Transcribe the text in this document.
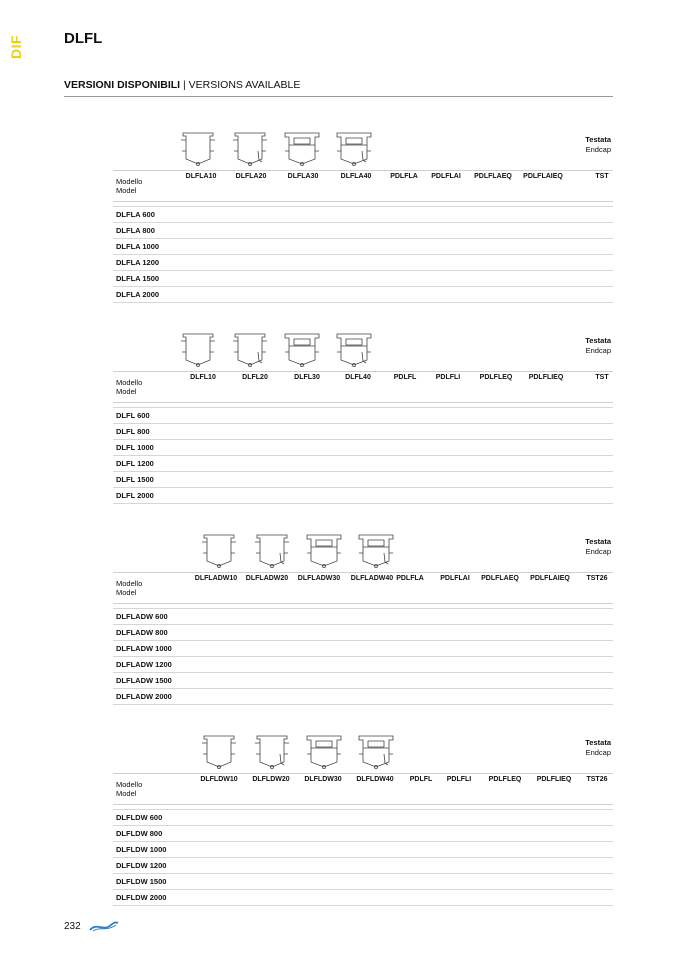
DIF	DLFL
VERSIONI DISPONIBILI | VERSIONS AVAILABLE
Testata
Endcap
Modello
Model
DLFLA10	DLFLA20	DLFLA30	DLFLA40	PDLFLA PDLFLAI PDLFLAEQ PDLFLAIEQ	TST
DLFLA 600
DLFLA 800
DLFLA 1000
DLFLA 1200
DLFLA 1500
DLFLA 2000
Testata
Endcap
Modello
Model
DLFL10	DLFL20	DLFL30	DLFL40	PDLFL	PDLFLI	PDLFLEQ PDLFLIEQ	TST
DLFL 600
DLFL 800
DLFL 1000
DLFL 1200
DLFL 1500
DLFL 2000
Testata
Endcap
Modello
Model
DLFLADW10 DLFLADW20 DLFLADW30 DLFLADW40 PDLFLA PDLFLAI PDLFLAEQ PDLFLAIEQ TST26
DLFLADW 600
DLFLADW 800
DLFLADW 1000
DLFLADW 1200
DLFLADW 1500
DLFLADW 2000
Testata
Endcap
Modello
Model
DLFLDW10 DLFLDW20 DLFLDW30 DLFLDW40 PDLFL PDLFLI PDLFLEQ PDLFLIEQ TST26
DLFLDW 600
DLFLDW 800
DLFLDW 1000
DLFLDW 1200
DLFLDW 1500
DLFLDW 2000
232
